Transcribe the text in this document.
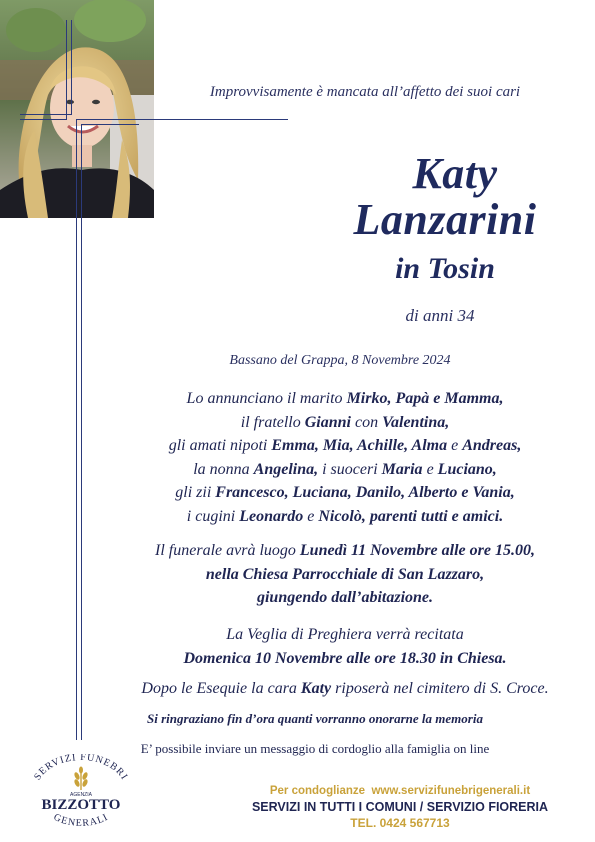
Improvvisamente è mancata all’affetto dei suoi cari
Katy
Lanzarini
in Tosin
di anni 34
Bassano del Grappa, 8 Novembre 2024
Lo annunciano il marito Mirko, Papà e Mamma,
il fratello Gianni con Valentina,
gli amati nipoti Emma, Mia, Achille, Alma e Andreas,
la nonna Angelina, i suoceri Maria e Luciano,
gli zii Francesco, Luciana, Danilo, Alberto e Vania,
i cugini Leonardo e Nicolò, parenti tutti e amici.
Il funerale avrà luogo Lunedì 11 Novembre alle ore 15.00,
nella Chiesa Parrocchiale di San Lazzaro,
giungendo dall’abitazione.
La Veglia di Preghiera verrà recitata
Domenica 10 Novembre alle ore 18.30 in Chiesa.
Dopo le Esequie la cara Katy riposerà nel cimitero di S. Croce.
Si ringraziano fin d’ora quanti vorranno onorarne la memoria
E’ possibile inviare un messaggio di cordoglio alla famiglia on line
SERVIZI FUNEBRI
AGENZIA
BIZZOTTO
GENERALI
Per condoglianze www.servizifunebrigenerali.it
SERVIZI IN TUTTI I COMUNI / SERVIZIO FIORERIA
TEL. 0424 567713
